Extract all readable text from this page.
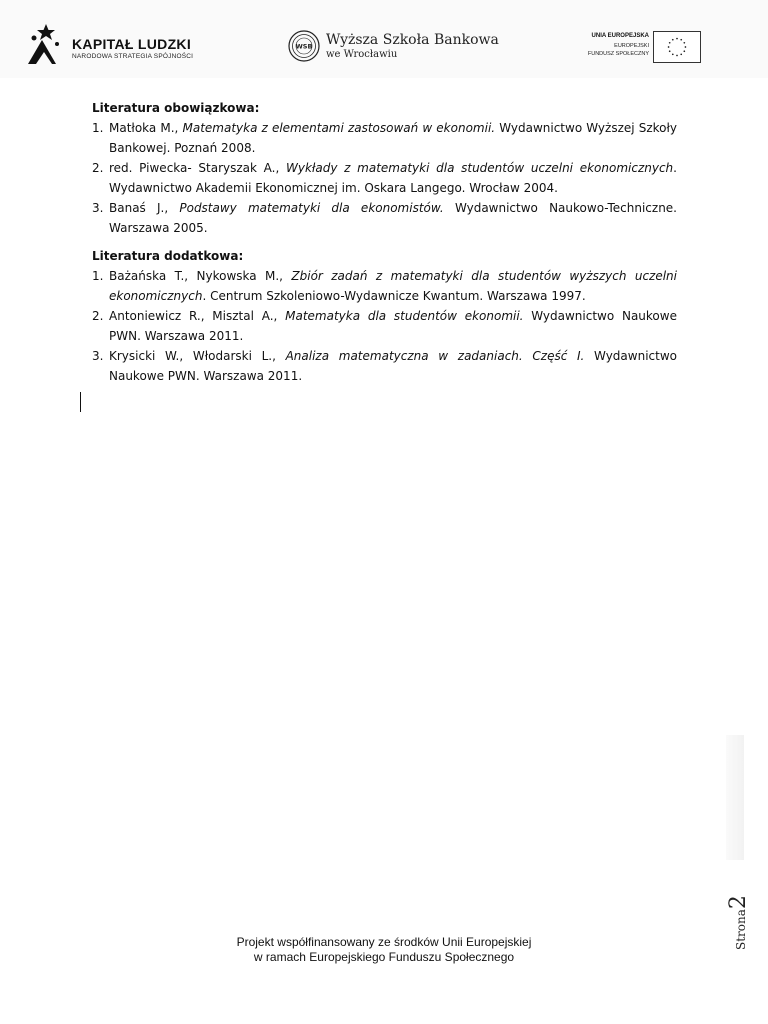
KAPITAŁ LUDZKI
NARODOWA STRATEGIA SPÓJNOŚCI
WSB Wyższa Szkoła Bankowa
we Wrocławiu
UNIA EUROPEJSKA
EUROPEJSKI
FUNDUSZ SPOŁECZNY

Literatura obowiązkowa:

1. Matłoka M., Matematyka z elementami zastosowań w ekonomii. Wydawnictwo Wyższej Szkoły Bankowej. Poznań 2008.
2. red. Piwecka- Staryszak A., Wykłady z matematyki dla studentów uczelni ekonomicznych. Wydawnictwo Akademii Ekonomicznej im. Oskara Langego. Wrocław 2004.
3. Banaś J., Podstawy matematyki dla ekonomistów. Wydawnictwo Naukowo-Techniczne. Warszawa 2005.

Literatura dodatkowa:

1. Bażańska T., Nykowska M., Zbiór zadań z matematyki dla studentów wyższych uczelni ekonomicznych. Centrum Szkoleniowo-Wydawnicze Kwantum. Warszawa 1997.
2. Antoniewicz R., Misztal A., Matematyka dla studentów ekonomii. Wydawnictwo Naukowe PWN. Warszawa 2011.
3. Krysicki W., Włodarski L., Analiza matematyczna w zadaniach. Część I. Wydawnictwo Naukowe PWN. Warszawa 2011.
Strona2
Projekt współfinansowany ze środków Unii Europejskiej
w ramach Europejskiego Funduszu Społecznego
